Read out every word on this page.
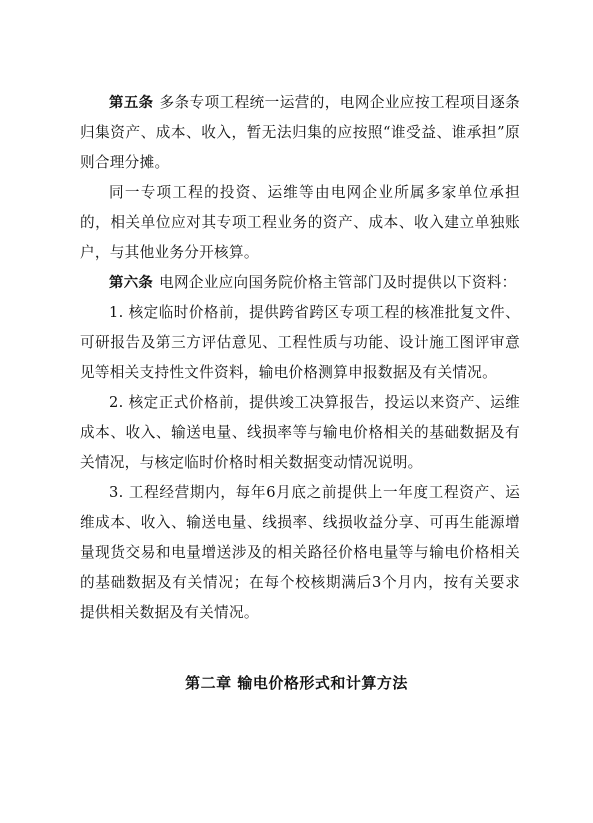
第五条 多条专项工程统一运营的，电网企业应按工程项目逐条归集资产、成本、收入，暂无法归集的应按照“谁受益、谁承担”原则合理分摊。

同一专项工程的投资、运维等由电网企业所属多家单位承担的，相关单位应对其专项工程业务的资产、成本、收入建立单独账户，与其他业务分开核算。

第六条 电网企业应向国务院价格主管部门及时提供以下资料：

1. 核定临时价格前，提供跨省跨区专项工程的核准批复文件、可研报告及第三方评估意见、工程性质与功能、设计施工图评审意见等相关支持性文件资料，输电价格测算申报数据及有关情况。

2. 核定正式价格前，提供竣工决算报告，投运以来资产、运维成本、收入、输送电量、线损率等与输电价格相关的基础数据及有关情况，与核定临时价格时相关数据变动情况说明。

3. 工程经营期内，每年6月底之前提供上一年度工程资产、运维成本、收入、输送电量、线损率、线损收益分享、可再生能源增量现货交易和电量增送涉及的相关路径价格电量等与输电价格相关的基础数据及有关情况；在每个校核期满后3个月内，按有关要求提供相关数据及有关情况。

第二章 输电价格形式和计算方法
